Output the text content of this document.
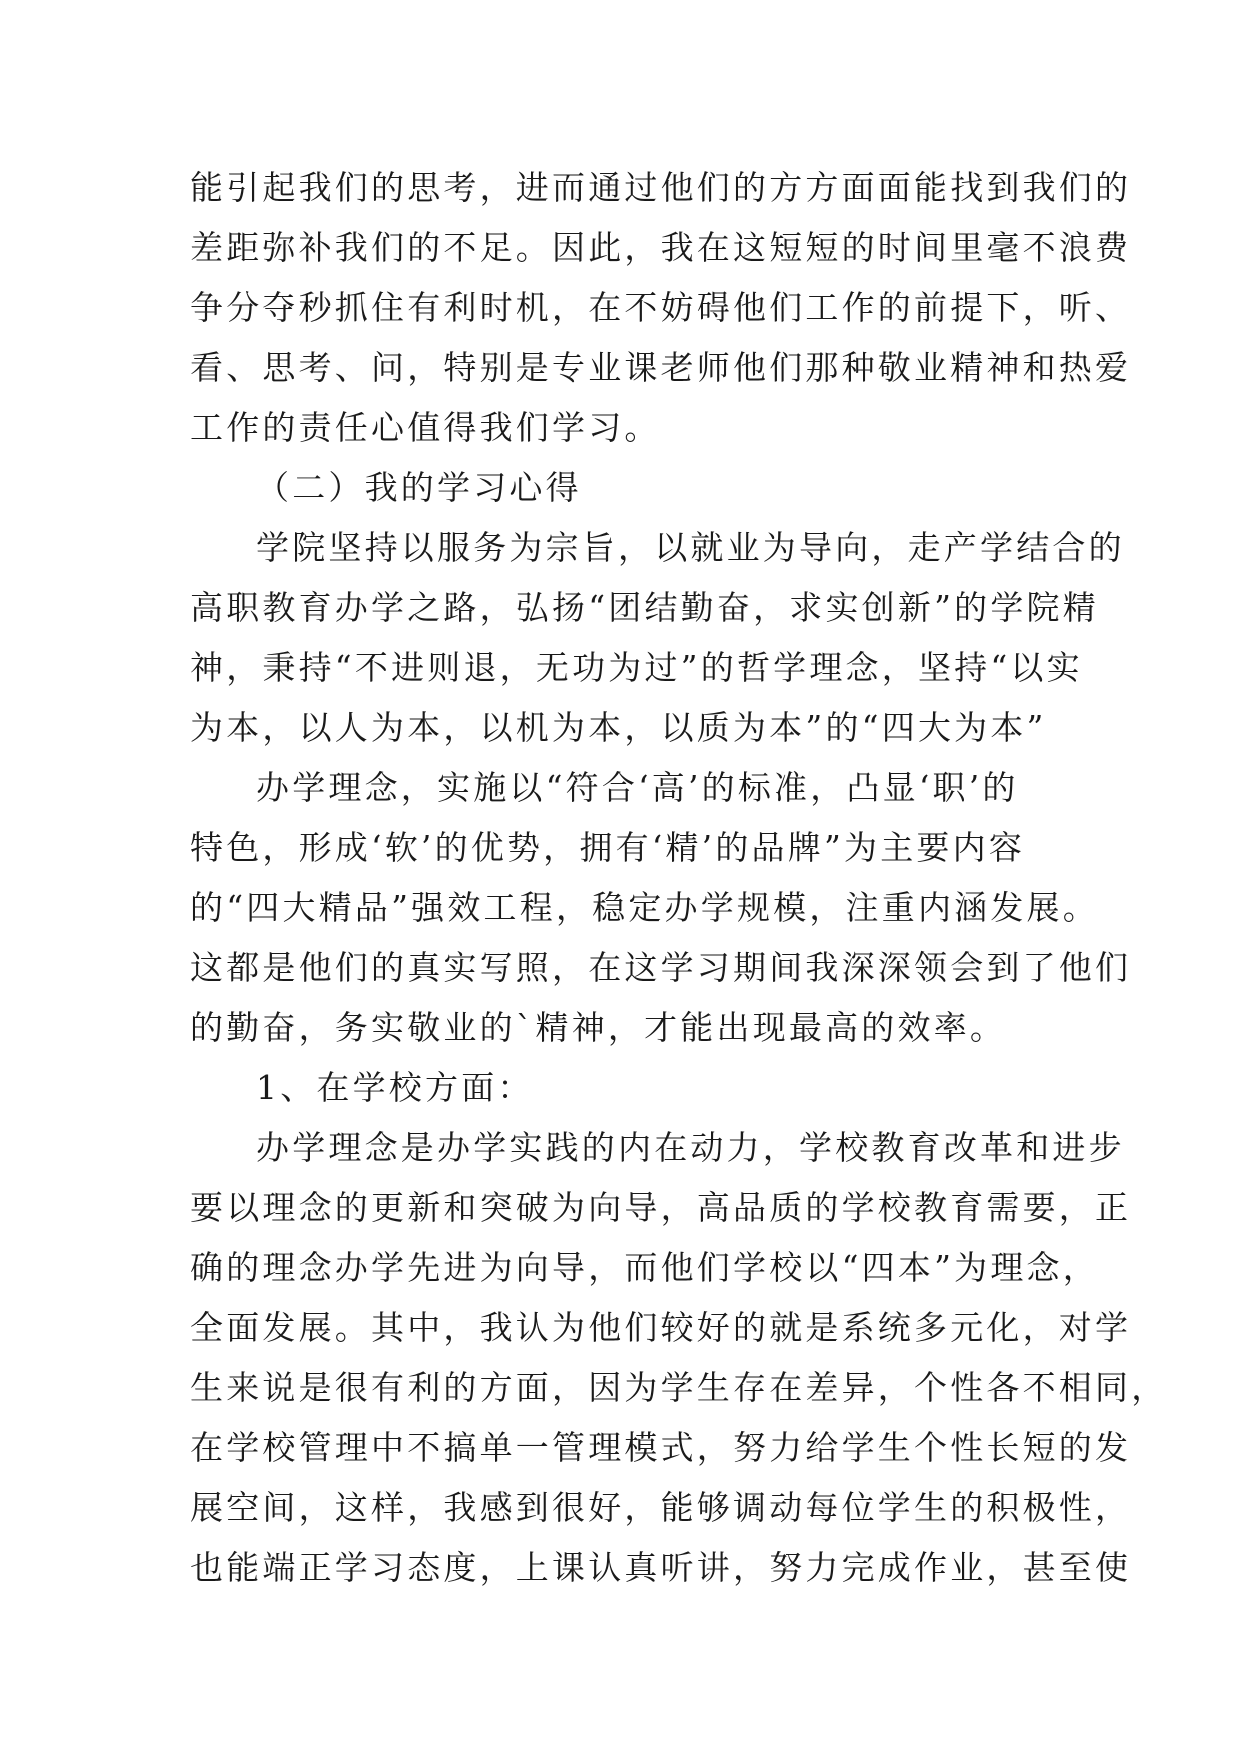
能引起我们的思考，进而通过他们的方方面面能找到我们的
差距弥补我们的不足。因此，我在这短短的时间里毫不浪费
争分夺秒抓住有利时机，在不妨碍他们工作的前提下，听、
看、思考、问，特别是专业课老师他们那种敬业精神和热爱
工作的责任心值得我们学习。
（二）我的学习心得
学院坚持以服务为宗旨，以就业为导向，走产学结合的
高职教育办学之路，弘扬“团结勤奋，求实创新”的学院精
神，秉持“不进则退，无功为过”的哲学理念，坚持“以实
为本，以人为本，以机为本，以质为本”的“四大为本”
办学理念，实施以“符合‘高’的标准，凸显‘职’的
特色，形成‘软’的优势，拥有‘精’的品牌”为主要内容
的“四大精品”强效工程，稳定办学规模，注重内涵发展。
这都是他们的真实写照，在这学习期间我深深领会到了他们
的勤奋，务实敬业的`精神，才能出现最高的效率。
1、在学校方面：
办学理念是办学实践的内在动力，学校教育改革和进步
要以理念的更新和突破为向导，高品质的学校教育需要，正
确的理念办学先进为向导，而他们学校以“四本”为理念，
全面发展。其中，我认为他们较好的就是系统多元化，对学
生来说是很有利的方面，因为学生存在差异，个性各不相同，
在学校管理中不搞单一管理模式，努力给学生个性长短的发
展空间，这样，我感到很好，能够调动每位学生的积极性，
也能端正学习态度，上课认真听讲，努力完成作业，甚至使
